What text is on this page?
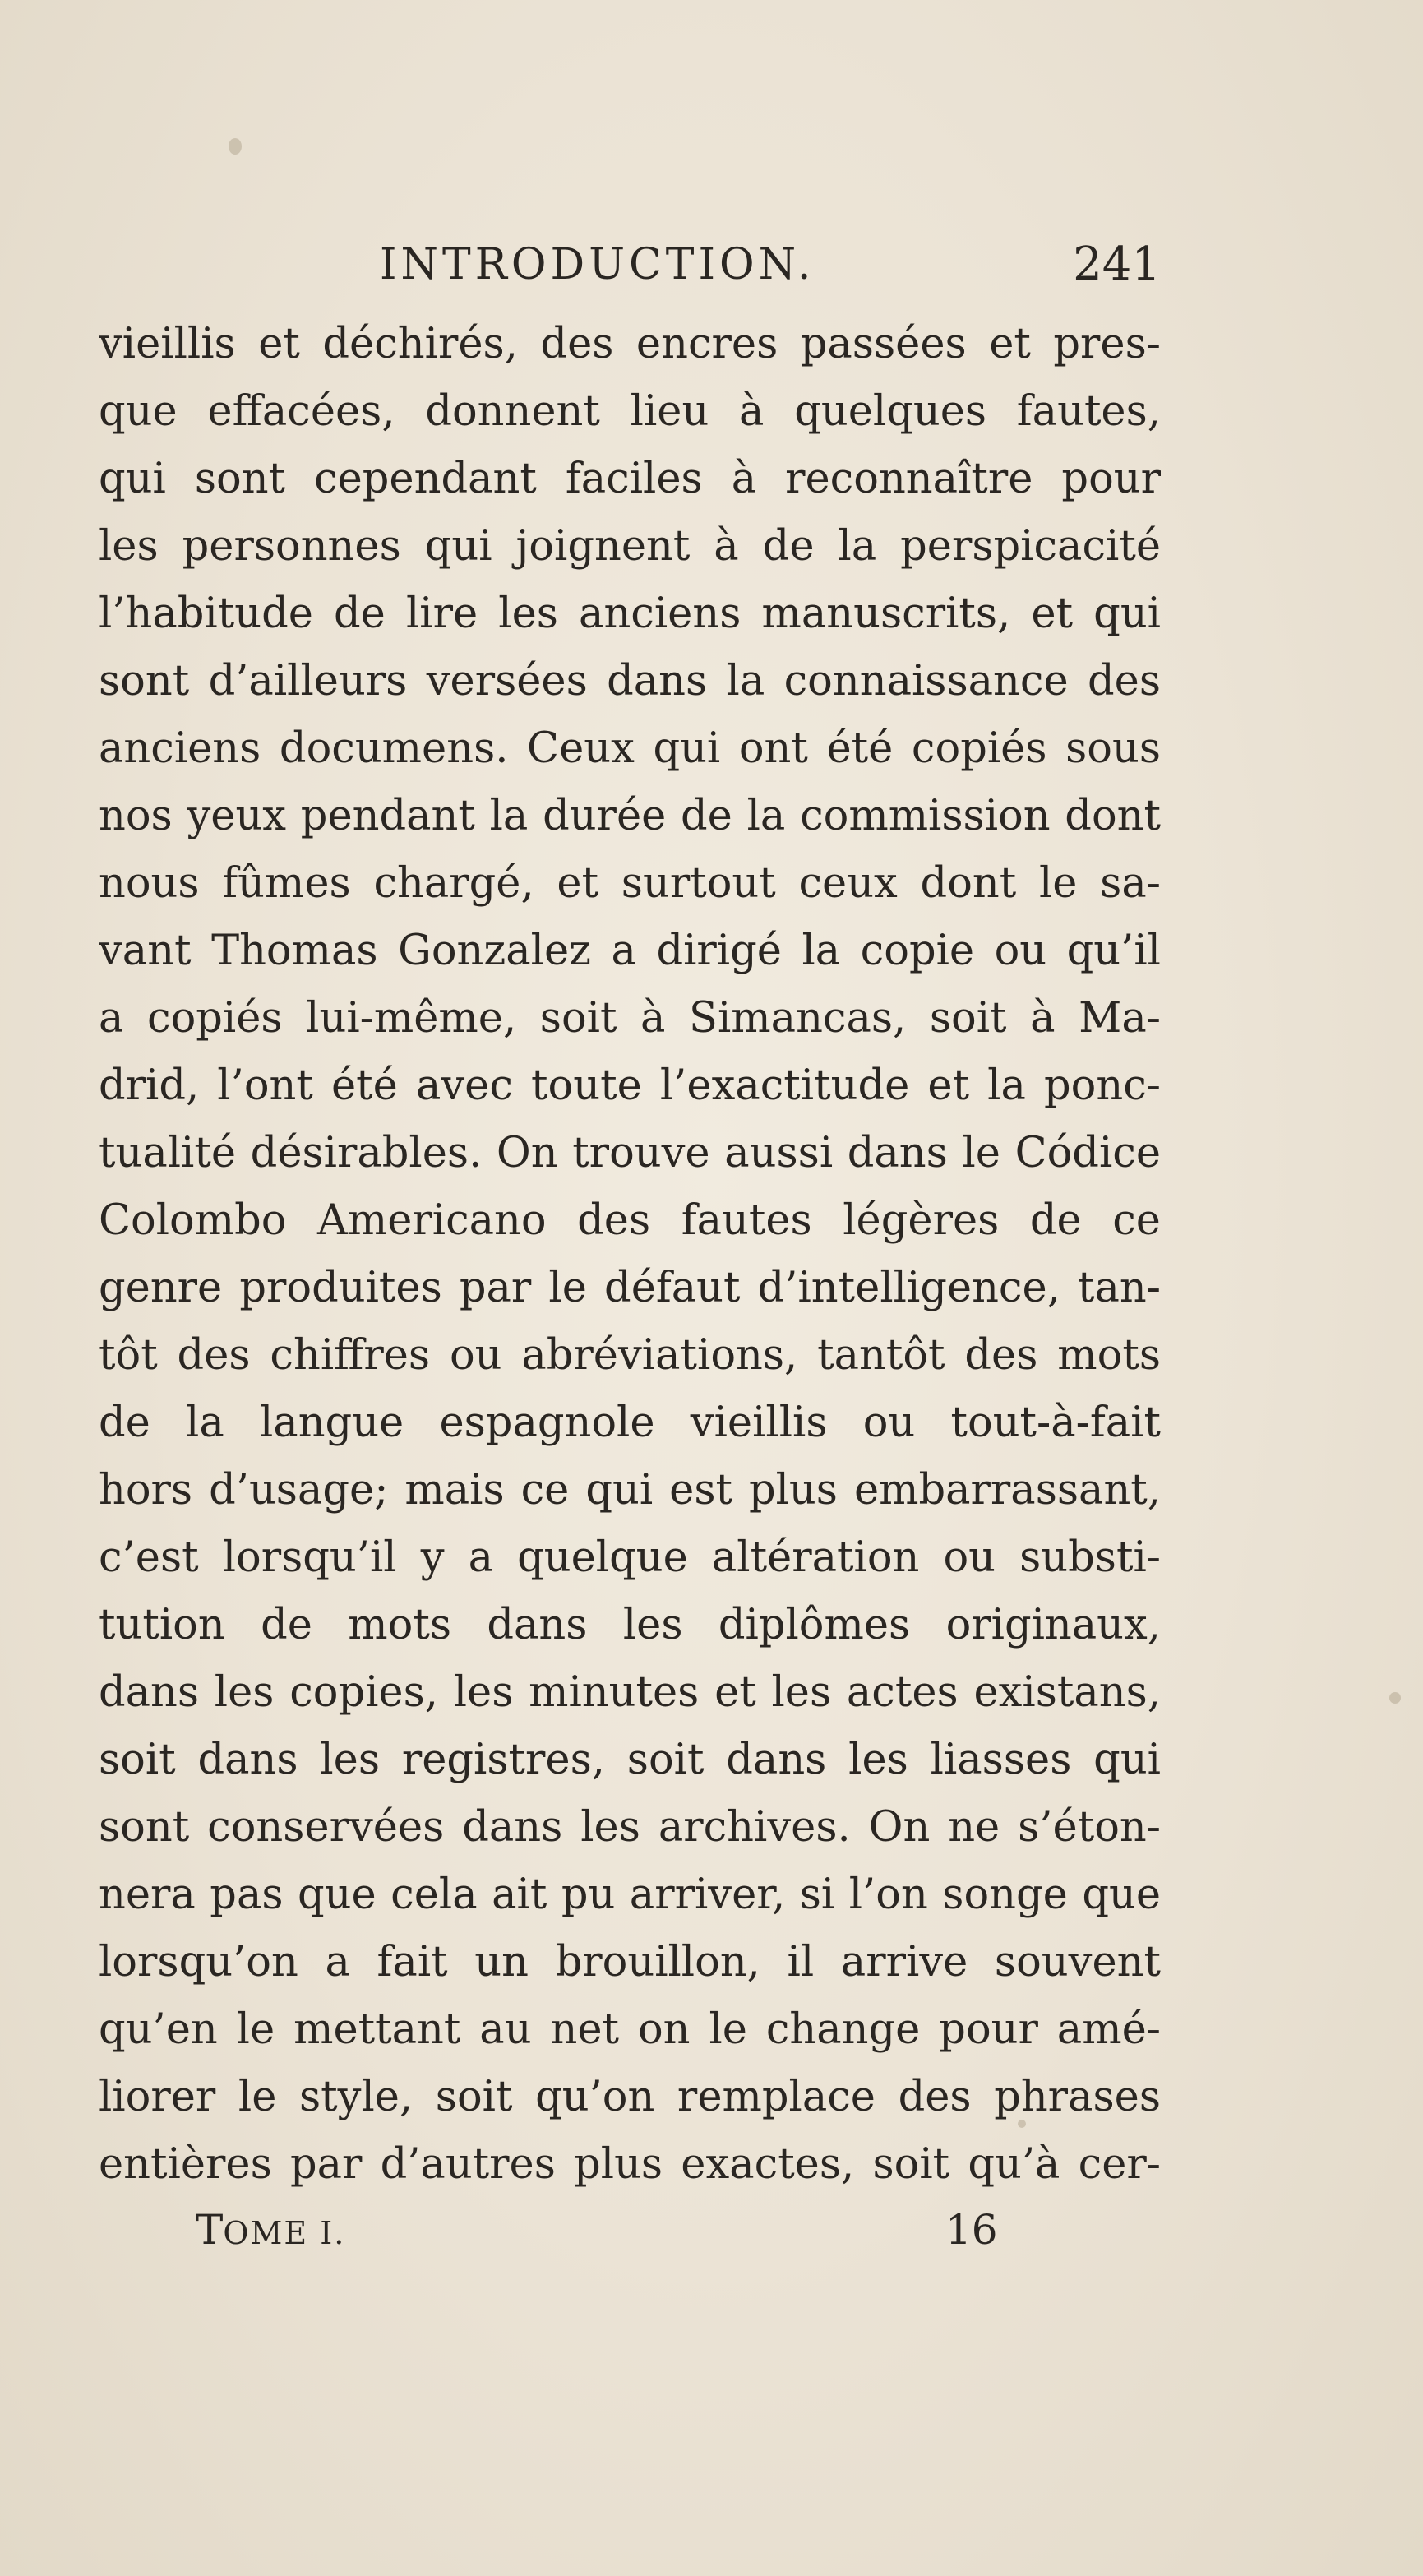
INTRODUCTION.	241
vieillis et déchirés, des encres passées et pres-
que effacées, donnent lieu à quelques fautes,
qui sont cependant faciles à reconnaître pour
les personnes qui joignent à de la perspicacité
l’habitude de lire les anciens manuscrits, et qui
sont d’ailleurs versées dans la connaissance des
anciens documens. Ceux qui ont été copiés sous
nos yeux pendant la durée de la commission dont
nous fûmes chargé, et surtout ceux dont le sa-
vant Thomas Gonzalez a dirigé la copie ou qu’il
a copiés lui-même, soit à Simancas, soit à Ma-
drid, l’ont été avec toute l’exactitude et la ponc-
tualité désirables. On trouve aussi dans le Códice
Colombo Americano des fautes légères de ce
genre produites par le défaut d’intelligence, tan-
tôt des chiffres ou abréviations, tantôt des mots
de la langue espagnole vieillis ou tout-à-fait
hors d’usage; mais ce qui est plus embarrassant,
c’est lorsqu’il y a quelque altération ou substi-
tution de mots dans les diplômes originaux,
dans les copies, les minutes et les actes existans,
soit dans les registres, soit dans les liasses qui
sont conservées dans les archives. On ne s’éton-
nera pas que cela ait pu arriver, si l’on songe que
lorsqu’on a fait un brouillon, il arrive souvent
qu’en le mettant au net on le change pour amé-
liorer le style, soit qu’on remplace des phrases
entières par d’autres plus exactes, soit qu’à cer-
TOME I.	16
